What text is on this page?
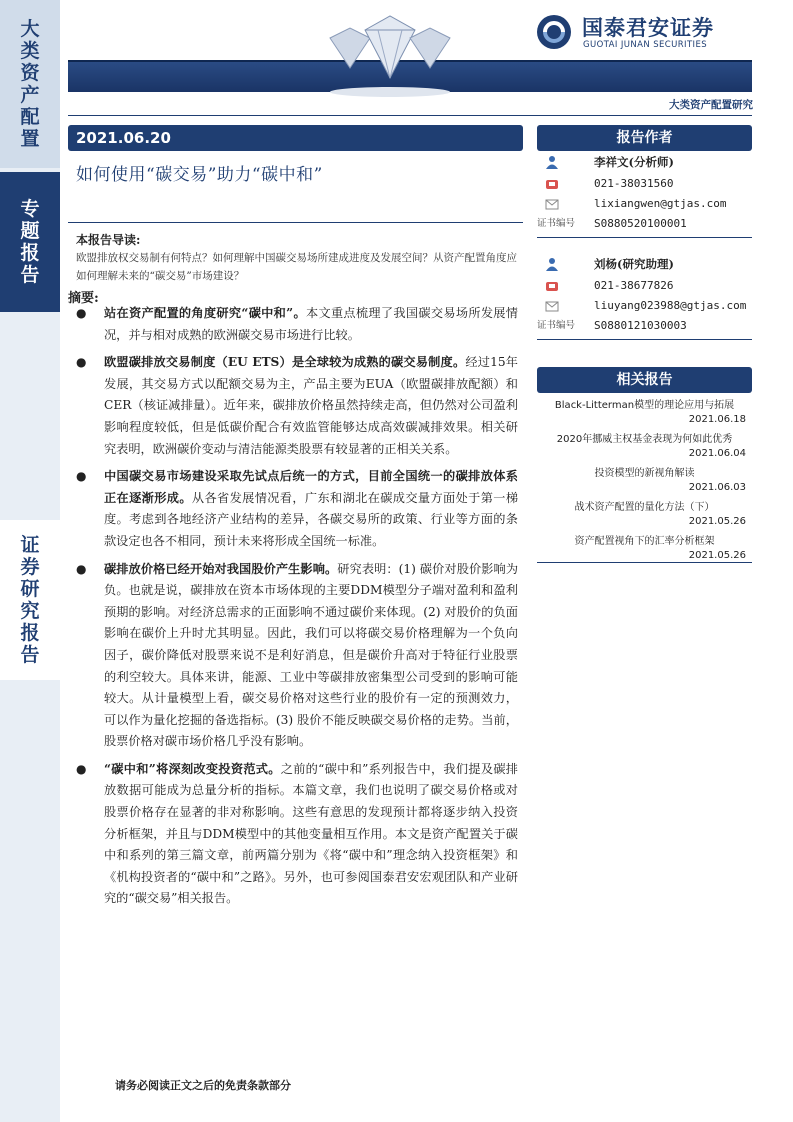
大
类
资
产
配
置
专
题
报
告
证
券
研
究
报
告
国泰君安证券
GUOTAI JUNAN SECURITIES
大类资产配置研究
2021.06.20
如何使用“碳交易”助力“碳中和”
本报告导读:
欧盟排放权交易制有何特点？如何理解中国碳交易场所建成进度及发展空间？从资产配置角度应如何理解未来的“碳交易”市场建设？
摘要:
● 站在资产配置的角度研究“碳中和”。本文重点梳理了我国碳交易场所发展情况，并与相对成熟的欧洲碳交易市场进行比较。
● 欧盟碳排放交易制度（EU ETS）是全球较为成熟的碳交易制度。经过15年发展，其交易方式以配额交易为主，产品主要为EUA（欧盟碳排放配额）和CER（核证减排量）。近年来，碳排放价格虽然持续走高，但仍然对公司盈利影响程度较低，但是低碳价配合有效监管能够达成高效碳减排效果。相关研究表明，欧洲碳价变动与清洁能源类股票有较显著的正相关关系。
● 中国碳交易市场建设采取先试点后统一的方式，目前全国统一的碳排放体系正在逐渐形成。从各省发展情况看，广东和湖北在碳成交量方面处于第一梯度。考虑到各地经济产业结构的差异，各碳交易所的政策、行业等方面的条款设定也各不相同，预计未来将形成全国统一标准。
● 碳排放价格已经开始对我国股价产生影响。研究表明：(1) 碳价对股价影响为负。也就是说，碳排放在资本市场体现的主要DDM模型分子端对盈利和盈利预期的影响。对经济总需求的正面影响不通过碳价来体现。(2) 对股价的负面影响在碳价上升时尤其明显。因此，我们可以将碳交易价格理解为一个负向因子，碳价降低对股票来说不是利好消息，但是碳价升高对于特征行业股票的利空较大。具体来讲，能源、工业中等碳排放密集型公司受到的影响可能较大。从计量模型上看，碳交易价格对这些行业的股价有一定的预测效力，可以作为量化挖掘的备选指标。(3) 股价不能反映碳交易价格的走势。当前，股票价格对碳市场价格几乎没有影响。
● “碳中和”将深刻改变投资范式。之前的“碳中和”系列报告中，我们提及碳排放数据可能成为总量分析的指标。本篇文章，我们也说明了碳交易价格或对股票价格存在显著的非对称影响。这些有意思的发现预计都将逐步纳入投资分析框架，并且与DDM模型中的其他变量相互作用。本文是资产配置关于碳中和系列的第三篇文章，前两篇分别为《将“碳中和”理念纳入投资框架》和《机构投资者的“碳中和”之路》。另外，也可参阅国泰君安宏观团队和产业研究的“碳交易”相关报告。
报告作者
李祥文(分析师)
021-38031560
lixiangwen@gtjas.com
证书编号 S0880520100001
刘杨(研究助理)
021-38677826
liuyang023988@gtjas.com
证书编号 S0880121030003
相关报告
Black-Litterman模型的理论应用与拓展
2021.06.18
2020年挪威主权基金表现为何如此优秀
2021.06.04
投资模型的新视角解读
2021.06.03
战术资产配置的量化方法（下）
2021.05.26
资产配置视角下的汇率分析框架
2021.05.26
请务必阅读正文之后的免责条款部分
